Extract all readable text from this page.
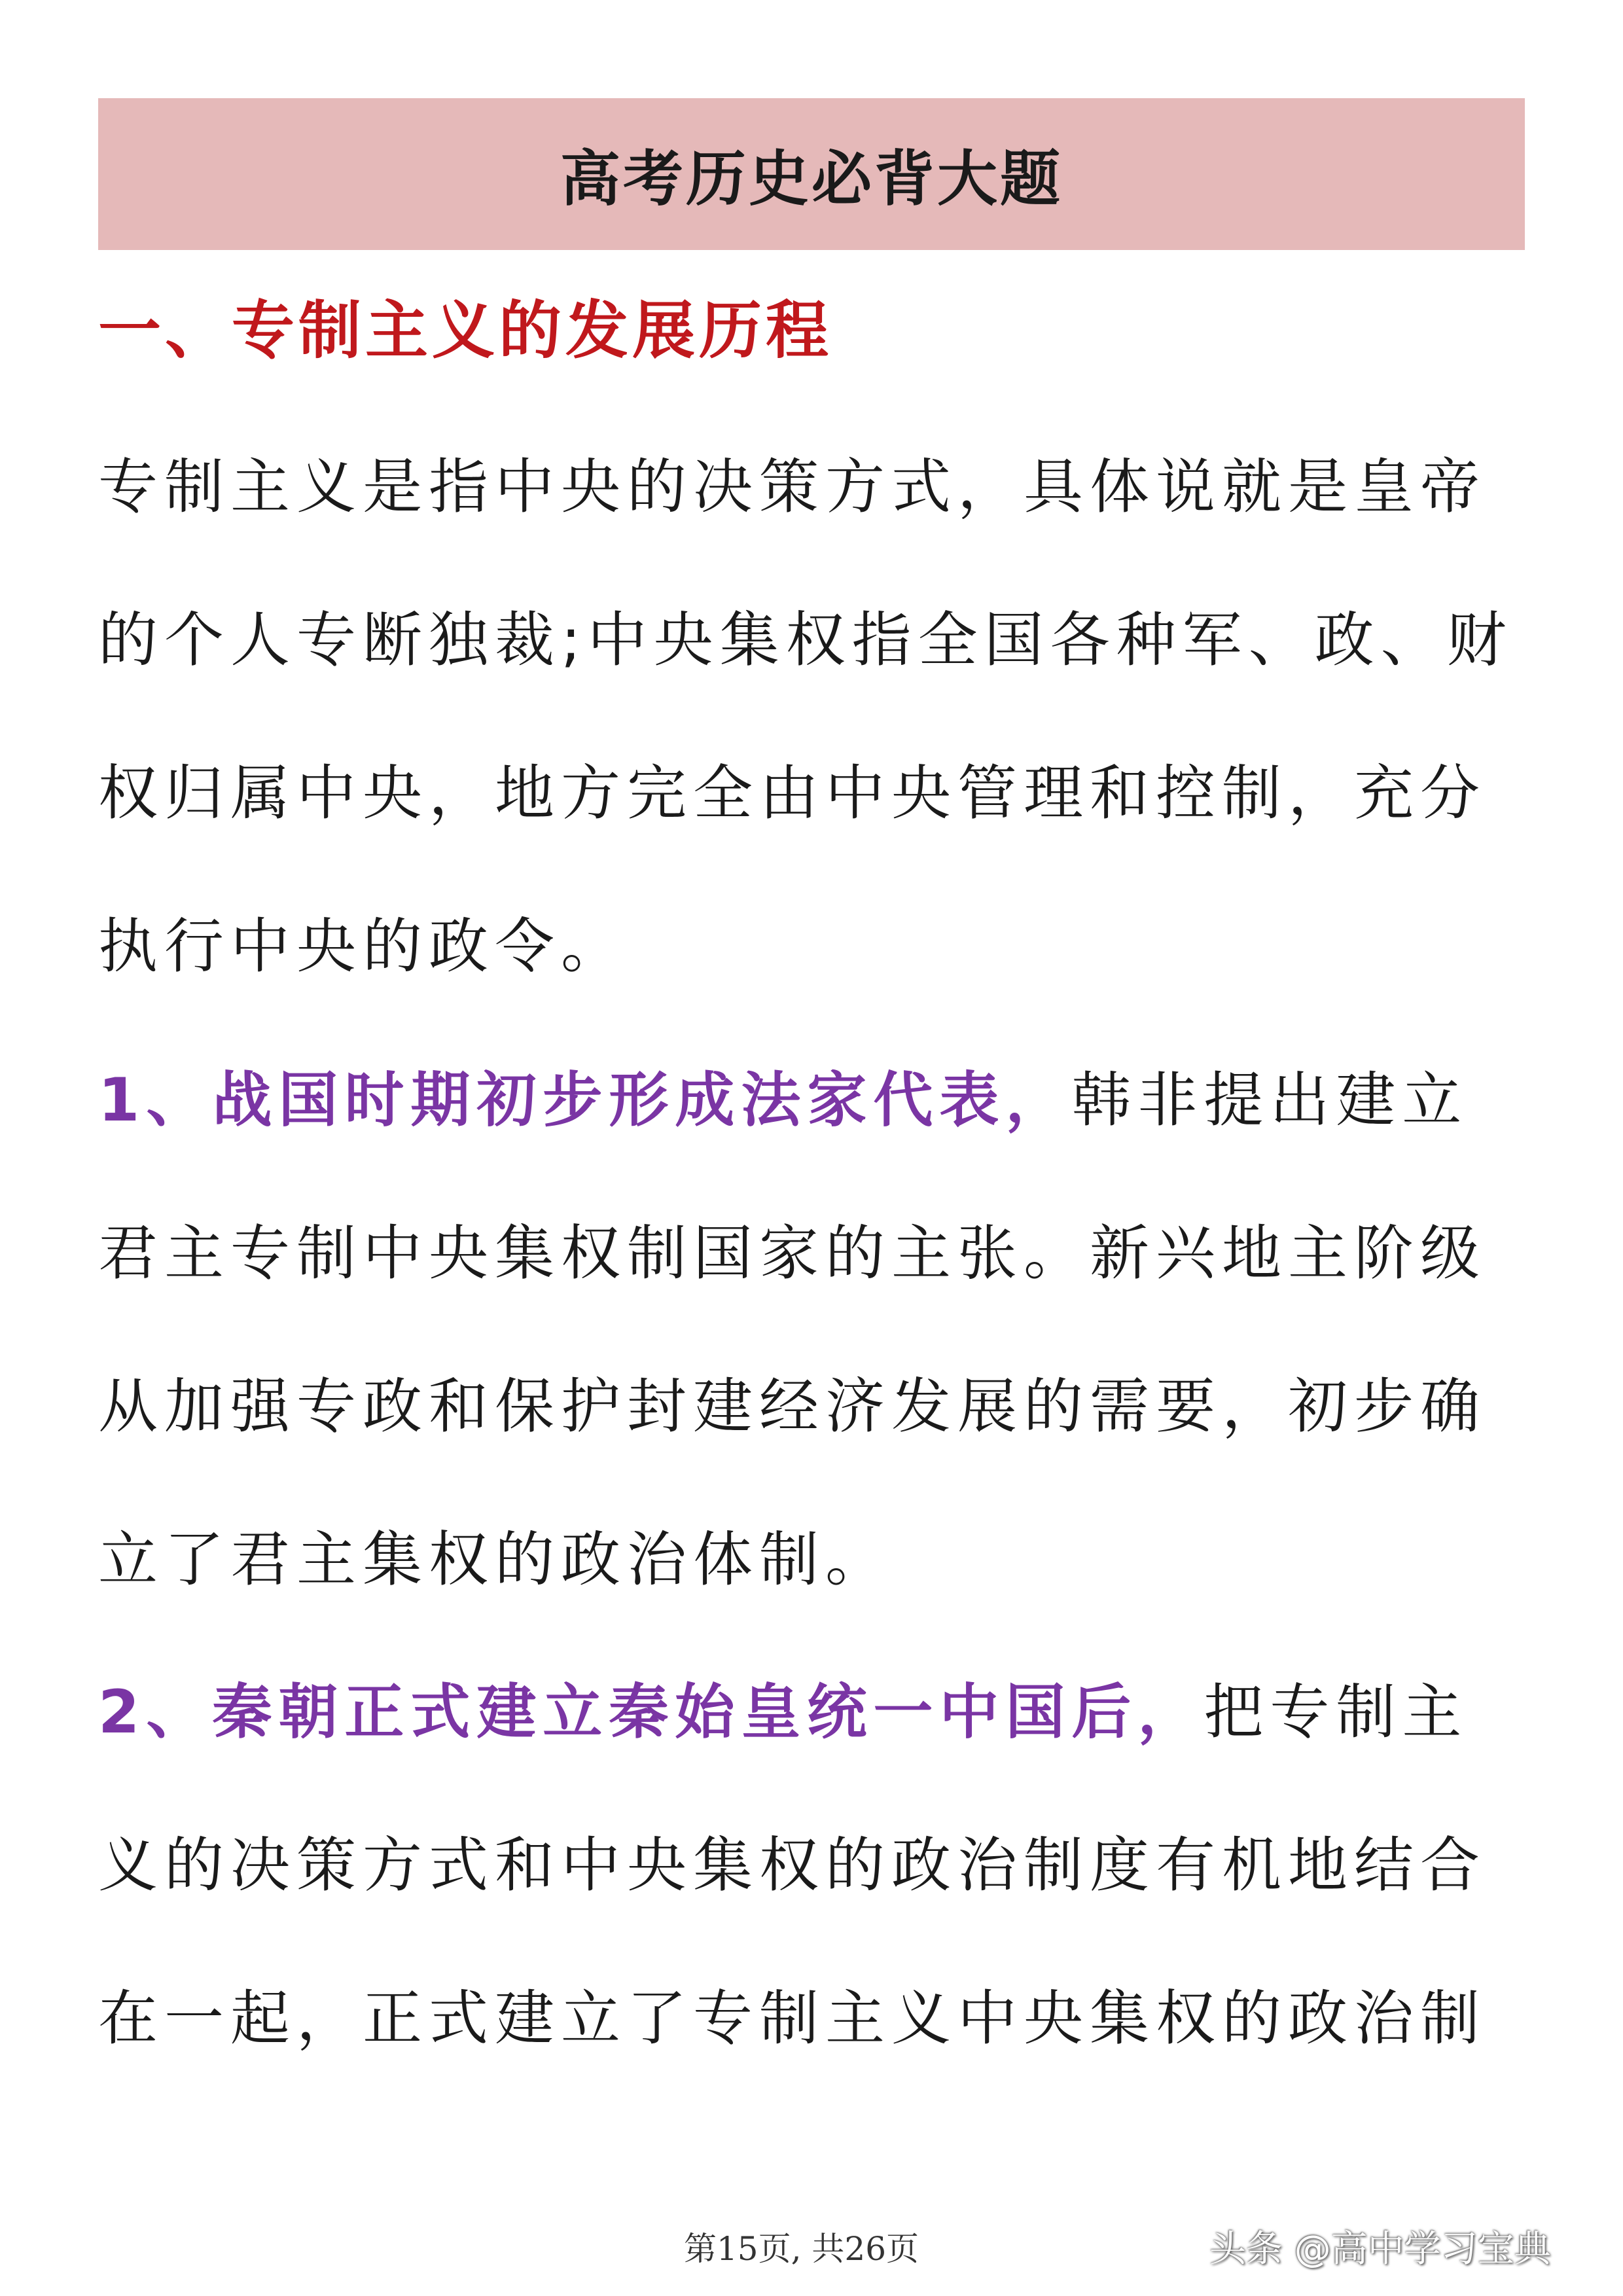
高考历史必背大题
一、专制主义的发展历程
专制主义是指中央的决策方式，具体说就是皇帝
的个人专断独裁;中央集权指全国各种军、政、财
权归属中央，地方完全由中央管理和控制，充分
执行中央的政令。
1、战国时期初步形成法家代表，韩非提出建立
君主专制中央集权制国家的主张。新兴地主阶级
从加强专政和保护封建经济发展的需要，初步确
立了君主集权的政治体制。
2、秦朝正式建立秦始皇统一中国后，把专制主
义的决策方式和中央集权的政治制度有机地结合
在一起，正式建立了专制主义中央集权的政治制
第15页, 共26页	头条 @高中学习宝典
